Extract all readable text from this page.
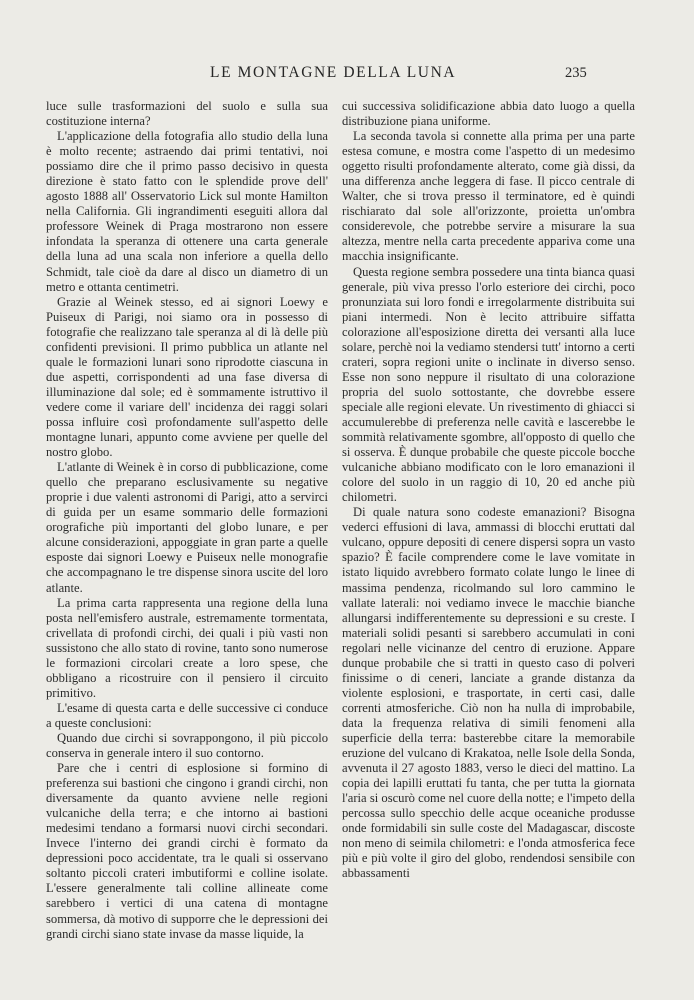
LE MONTAGNE DELLA LUNA	235

luce sulle trasformazioni del suolo e sulla sua costituzione interna?

L'applicazione della fotografia allo studio della luna è molto recente; astraendo dai primi tentativi, noi possiamo dire che il primo passo decisivo in questa direzione è stato fatto con le splendide prove dell' agosto 1888 all' Osservatorio Lick sul monte Hamilton nella California. Gli ingrandimenti eseguiti allora dal professore Weinek di Praga mostrarono non essere infondata la speranza di ottenere una carta generale della luna ad una scala non inferiore a quella dello Schmidt, tale cioè da dare al disco un diametro di un metro e ottanta centimetri.

Grazie al Weinek stesso, ed ai signori Loewy e Puiseux di Parigi, noi siamo ora in possesso di fotografie che realizzano tale speranza al di là delle più confidenti previsioni. Il primo pubblica un atlante nel quale le formazioni lunari sono riprodotte ciascuna in due aspetti, corrispondenti ad una fase diversa di illuminazione dal sole; ed è sommamente istruttivo il vedere come il variare dell' incidenza dei raggi solari possa influire così profondamente sull'aspetto delle montagne lunari, appunto come avviene per quelle del nostro globo.

L'atlante di Weinek è in corso di pubblicazione, come quello che preparano esclusivamente su negative proprie i due valenti astronomi di Parigi, atto a servirci di guida per un esame sommario delle formazioni orografiche più importanti del globo lunare, e per alcune considerazioni, appoggiate in gran parte a quelle esposte dai signori Loewy e Puiseux nelle monografie che accompagnano le tre dispense sinora uscite del loro atlante.

La prima carta rappresenta una regione della luna posta nell'emisfero australe, estremamente tormentata, crivellata di profondi circhi, dei quali i più vasti non sussistono che allo stato di rovine, tanto sono numerose le formazioni circolari create a loro spese, che obbligano a ricostruire con il pensiero il circuito primitivo.

L'esame di questa carta e delle successive ci conduce a queste conclusioni:

Quando due circhi si sovrappongono, il più piccolo conserva in generale intero il suo contorno.

Pare che i centri di esplosione si formino di preferenza sui bastioni che cingono i grandi circhi, non diversamente da quanto avviene nelle regioni vulcaniche della terra; e che intorno ai bastioni medesimi tendano a formarsi nuovi circhi secondari. Invece l'interno dei grandi circhi è formato da depressioni poco accidentate, tra le quali si osservano soltanto piccoli crateri imbutiformi e colline isolate. L'essere generalmente tali colline allineate come sarebbero i vertici di una catena di montagne sommersa, dà motivo di supporre che le depressioni dei grandi circhi siano state invase da masse liquide, la

cui successiva solidificazione abbia dato luogo a quella distribuzione piana uniforme.

La seconda tavola si connette alla prima per una parte estesa comune, e mostra come l'aspetto di un medesimo oggetto risulti profondamente alterato, come già dissi, da una differenza anche leggera di fase. Il picco centrale di Walter, che si trova presso il terminatore, ed è quindi rischiarato dal sole all'orizzonte, proietta un'ombra considerevole, che potrebbe servire a misurare la sua altezza, mentre nella carta precedente appariva come una macchia insignificante.

Questa regione sembra possedere una tinta bianca quasi generale, più viva presso l'orlo esteriore dei circhi, poco pronunziata sui loro fondi e irregolarmente distribuita sui piani intermedi. Non è lecito attribuire siffatta colorazione all'esposizione diretta dei versanti alla luce solare, perchè noi la vediamo stendersi tutt' intorno a certi crateri, sopra regioni unite o inclinate in diverso senso. Esse non sono neppure il risultato di una colorazione propria del suolo sottostante, che dovrebbe essere speciale alle regioni elevate. Un rivestimento di ghiacci si accumulerebbe di preferenza nelle cavità e lascerebbe le sommità relativamente sgombre, all'opposto di quello che si osserva. È dunque probabile che queste piccole bocche vulcaniche abbiano modificato con le loro emanazioni il colore del suolo in un raggio di 10, 20 ed anche più chilometri.

Di quale natura sono codeste emanazioni? Bisogna vederci effusioni di lava, ammassi di blocchi eruttati dal vulcano, oppure depositi di cenere dispersi sopra un vasto spazio? È facile comprendere come le lave vomitate in istato liquido avrebbero formato colate lungo le linee di massima pendenza, ricolmando sul loro cammino le vallate laterali: noi vediamo invece le macchie bianche allungarsi indifferentemente su depressioni e su creste. I materiali solidi pesanti si sarebbero accumulati in coni regolari nelle vicinanze del centro di eruzione. Appare dunque probabile che si tratti in questo caso di polveri finissime o di ceneri, lanciate a grande distanza da violente esplosioni, e trasportate, in certi casi, dalle correnti atmosferiche. Ciò non ha nulla di improbabile, data la frequenza relativa di simili fenomeni alla superficie della terra: basterebbe citare la memorabile eruzione del vulcano di Krakatoa, nelle Isole della Sonda, avvenuta il 27 agosto 1883, verso le dieci del mattino. La copia dei lapilli eruttati fu tanta, che per tutta la giornata l'aria si oscurò come nel cuore della notte; e l'impeto della percossa sullo specchio delle acque oceaniche produsse onde formidabili sin sulle coste del Madagascar, discoste non meno di seimila chilometri: e l'onda atmosferica fece più e più volte il giro del globo, rendendosi sensibile con abbassamenti
